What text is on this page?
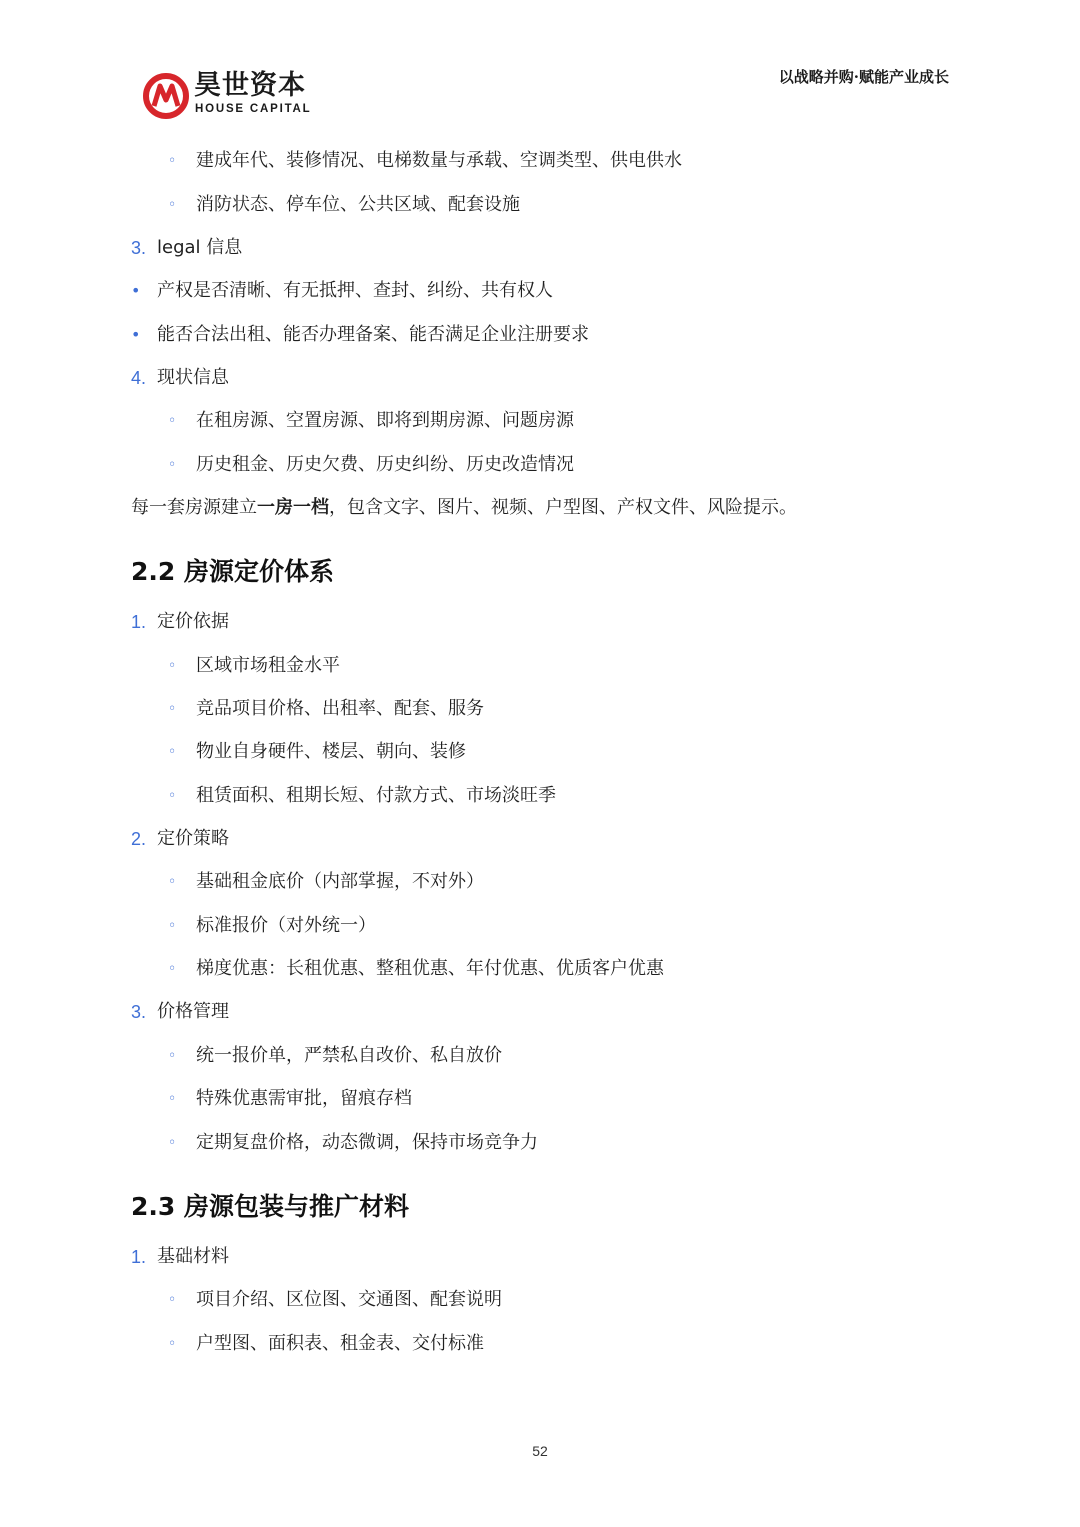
昊世资本
HOUSE CAPITAL
以战略并购·赋能产业成长
◦ 建成年代、装修情况、电梯数量与承载、空调类型、供电供水
◦ 消防状态、停车位、公共区域、配套设施
3. legal 信息
• 产权是否清晰、有无抵押、查封、纠纷、共有权人
• 能否合法出租、能否办理备案、能否满足企业注册要求
4. 现状信息
◦ 在租房源、空置房源、即将到期房源、问题房源
◦ 历史租金、历史欠费、历史纠纷、历史改造情况
每一套房源建立一房一档，包含文字、图片、视频、户型图、产权文件、风险提示。
2.2 房源定价体系
1. 定价依据
◦ 区域市场租金水平
◦ 竞品项目价格、出租率、配套、服务
◦ 物业自身硬件、楼层、朝向、装修
◦ 租赁面积、租期长短、付款方式、市场淡旺季
2. 定价策略
◦ 基础租金底价（内部掌握，不对外）
◦ 标准报价（对外统一）
◦ 梯度优惠：长租优惠、整租优惠、年付优惠、优质客户优惠
3. 价格管理
◦ 统一报价单，严禁私自改价、私自放价
◦ 特殊优惠需审批，留痕存档
◦ 定期复盘价格，动态微调，保持市场竞争力
2.3 房源包装与推广材料
1. 基础材料
◦ 项目介绍、区位图、交通图、配套说明
◦ 户型图、面积表、租金表、交付标准
52
